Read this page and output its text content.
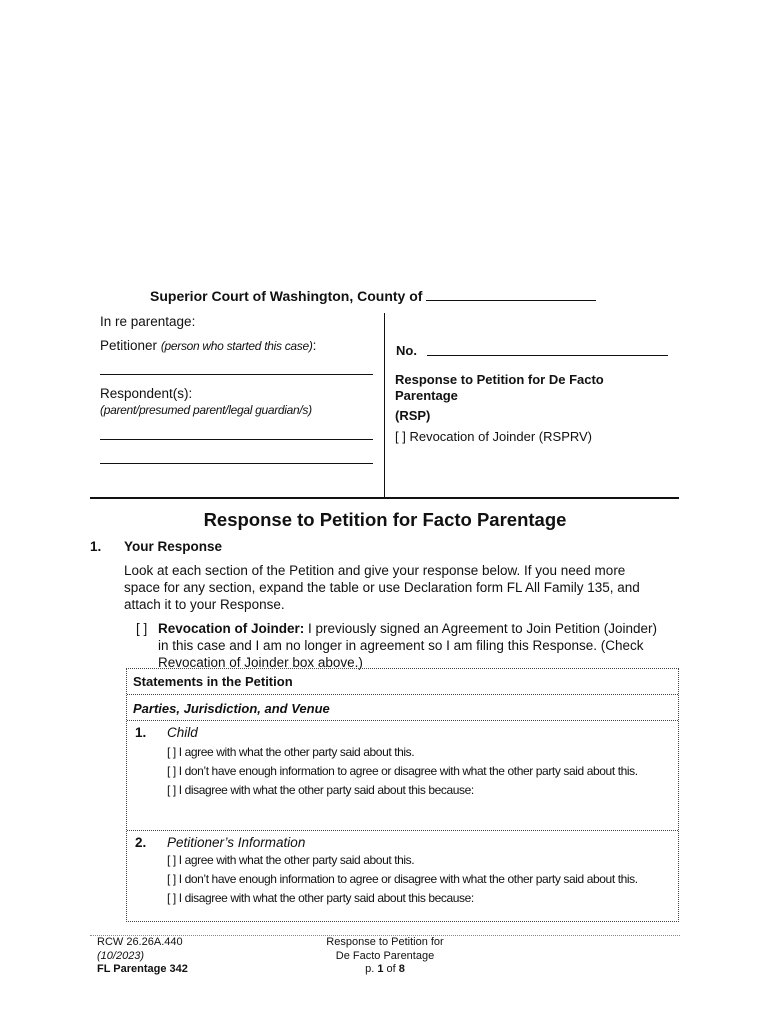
Superior Court of Washington, County of
In re parentage:
Petitioner (person who started this case):
Respondent(s):
(parent/presumed parent/legal guardian/s)
No.
Response to Petition for De Facto
Parentage
(RSP)
[ ] Revocation of Joinder (RSPRV)
Response to Petition for Facto Parentage
1. Your Response
Look at each section of the Petition and give your response below. If you need more space for any section, expand the table or use Declaration form FL All Family 135, and attach it to your Response.
[ ] Revocation of Joinder: I previously signed an Agreement to Join Petition (Joinder) in this case and I am no longer in agreement so I am filing this Response. (Check Revocation of Joinder box above.)
Statements in the Petition
Parties, Jurisdiction, and Venue
1. Child
[ ] I agree with what the other party said about this.
[ ] I don’t have enough information to agree or disagree with what the other party said about this.
[ ] I disagree with what the other party said about this because:
2. Petitioner’s Information
[ ] I agree with what the other party said about this.
[ ] I don’t have enough information to agree or disagree with what the other party said about this.
[ ] I disagree with what the other party said about this because:
RCW 26.26A.440
(10/2023)
FL Parentage 342
Response to Petition for
De Facto Parentage
p. 1 of 8
